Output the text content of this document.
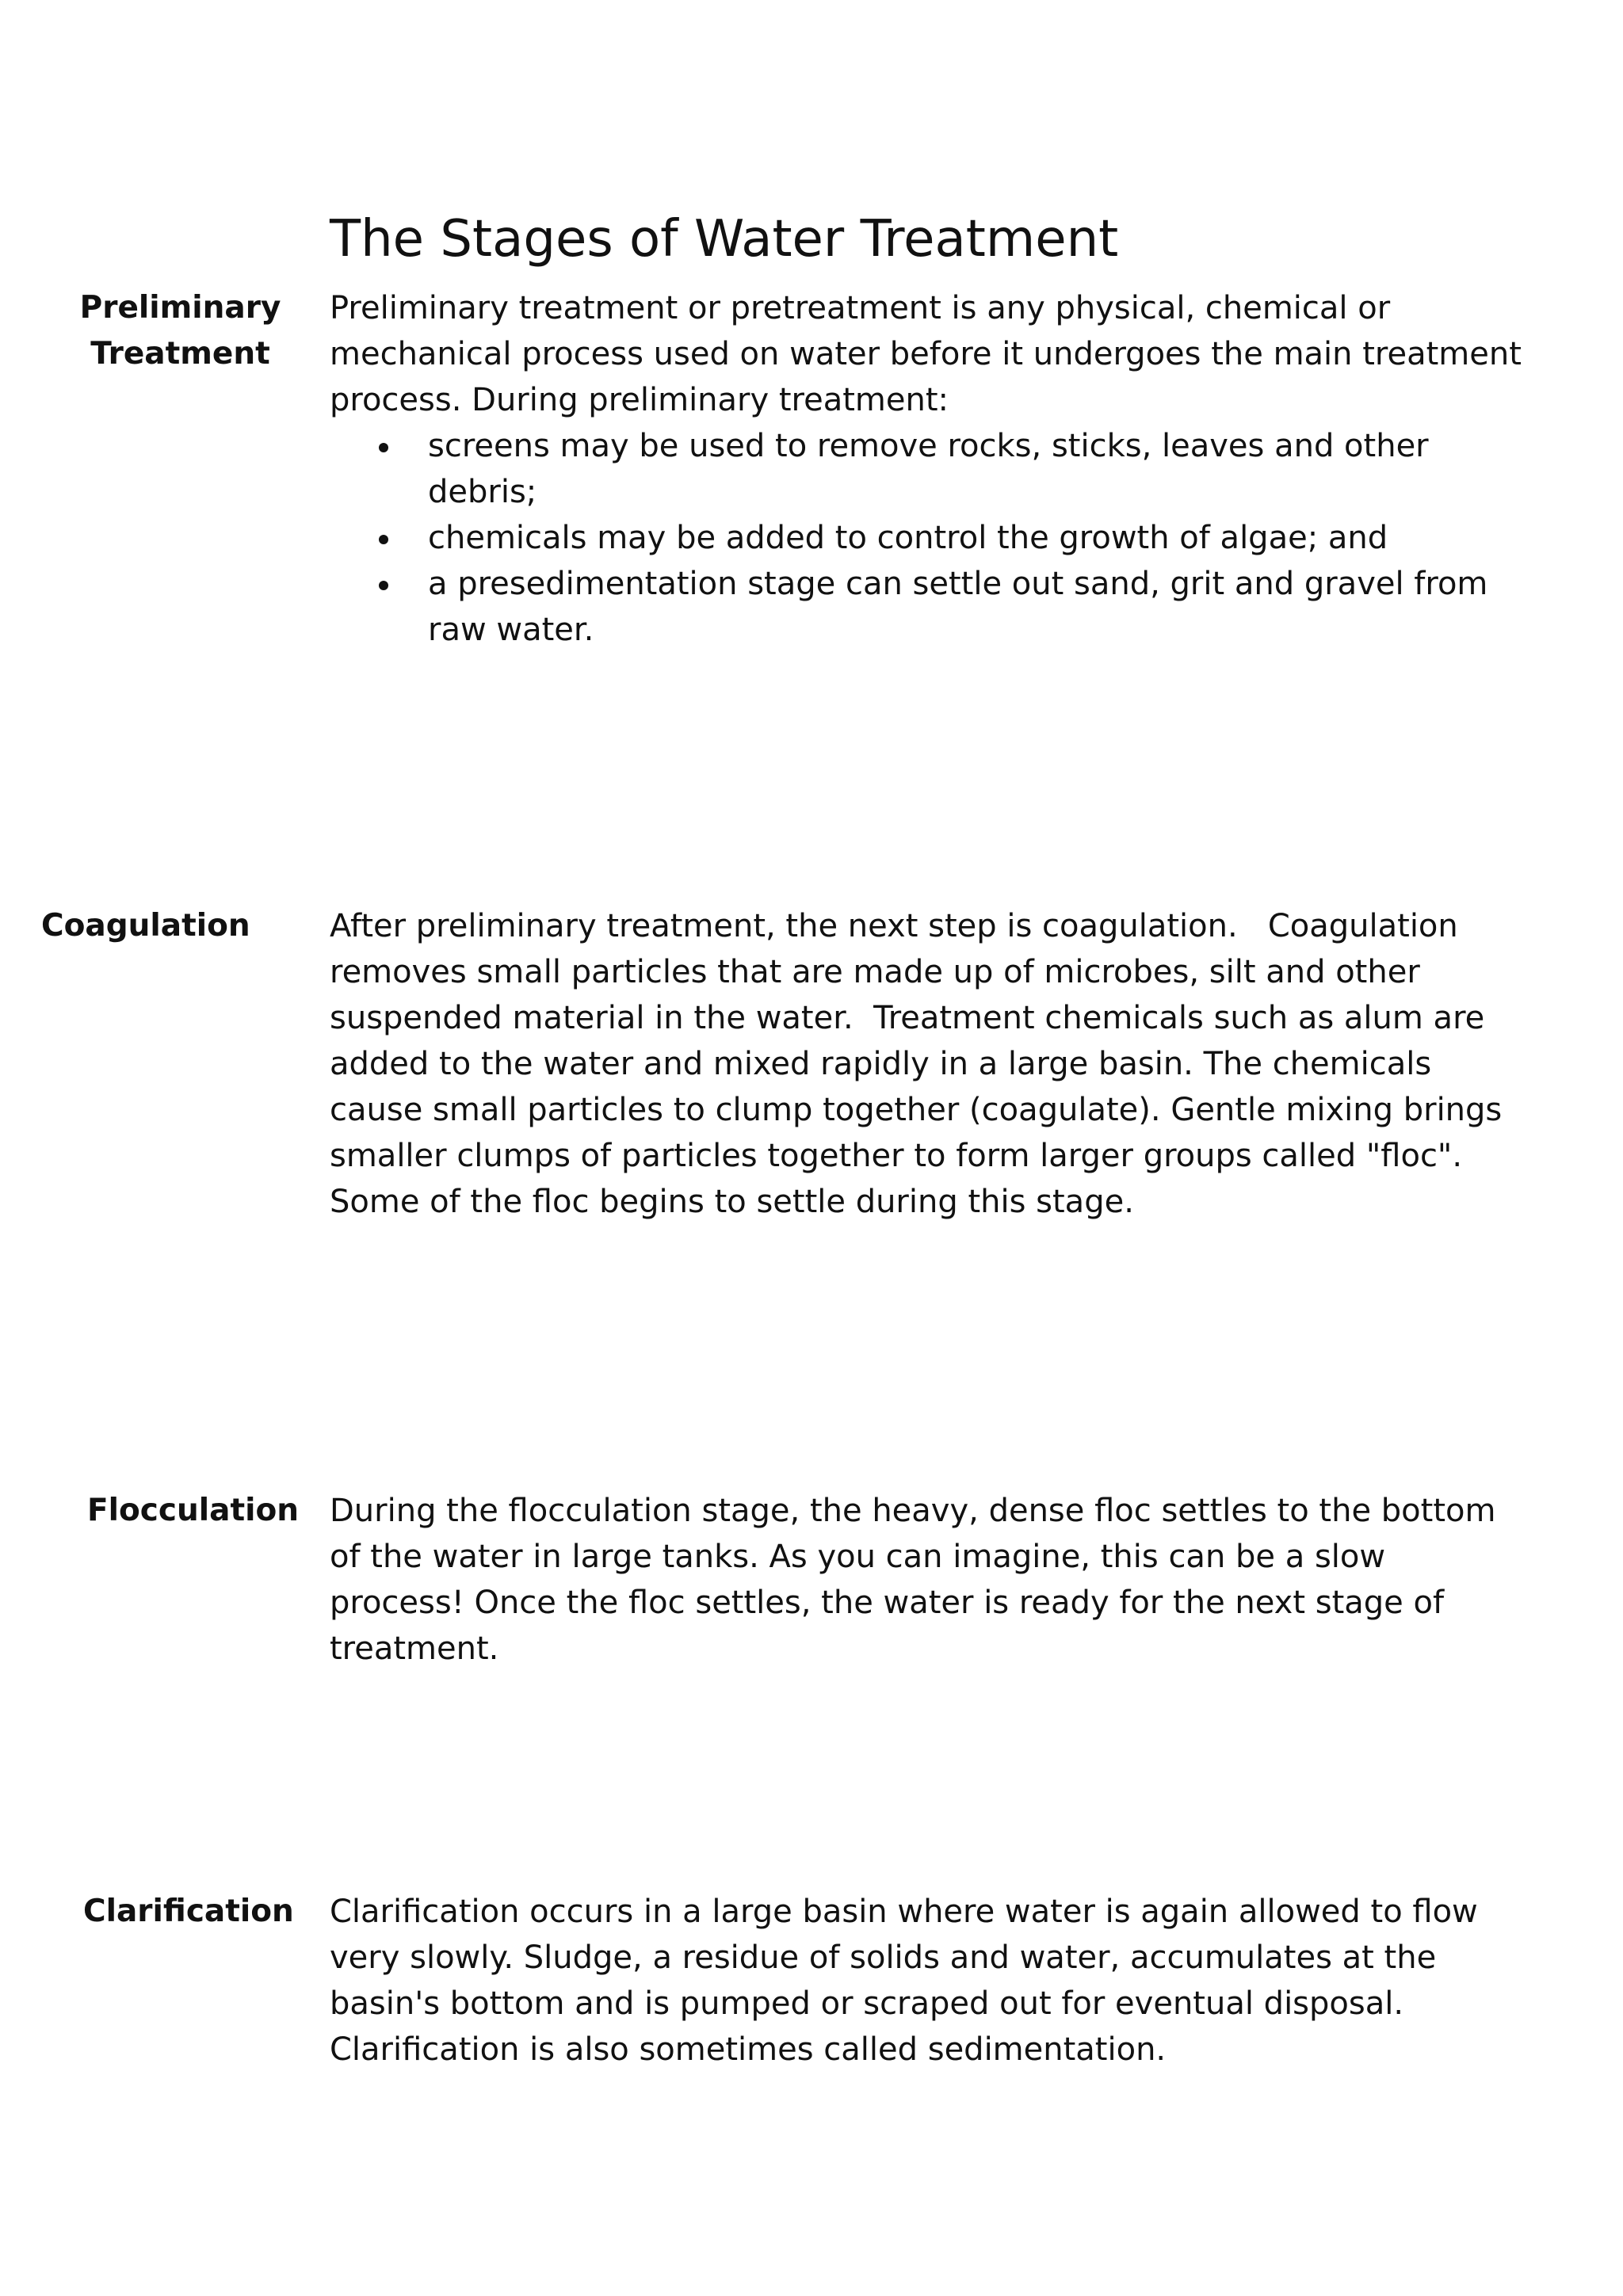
The Stages of Water Treatment
Preliminary
Treatment

Preliminary treatment or pretreatment is any physical, chemical or mechanical process used on water before it undergoes the main treatment process. During preliminary treatment:

screens may be used to remove rocks, sticks, leaves and other debris;
chemicals may be added to control the growth of algae; and
a presedimentation stage can settle out sand, grit and gravel from raw water.
Coagulation	After preliminary treatment, the next step is coagulation.   Coagulation removes small particles that are made up of microbes, silt and other suspended material in the water.  Treatment chemicals such as alum are added to the water and mixed rapidly in a large basin. The chemicals cause small particles to clump together (coagulate). Gentle mixing brings smaller clumps of particles together to form larger groups called "floc". Some of the floc begins to settle during this stage.

Flocculation During the flocculation stage, the heavy, dense floc settles to the bottom of the water in large tanks. As you can imagine, this can be a slow process! Once the floc settles, the water is ready for the next stage of treatment.

Clarification Clarification occurs in a large basin where water is again allowed to flow very slowly. Sludge, a residue of solids and water, accumulates at the basin's bottom and is pumped or scraped out for eventual disposal. Clarification is also sometimes called sedimentation.
